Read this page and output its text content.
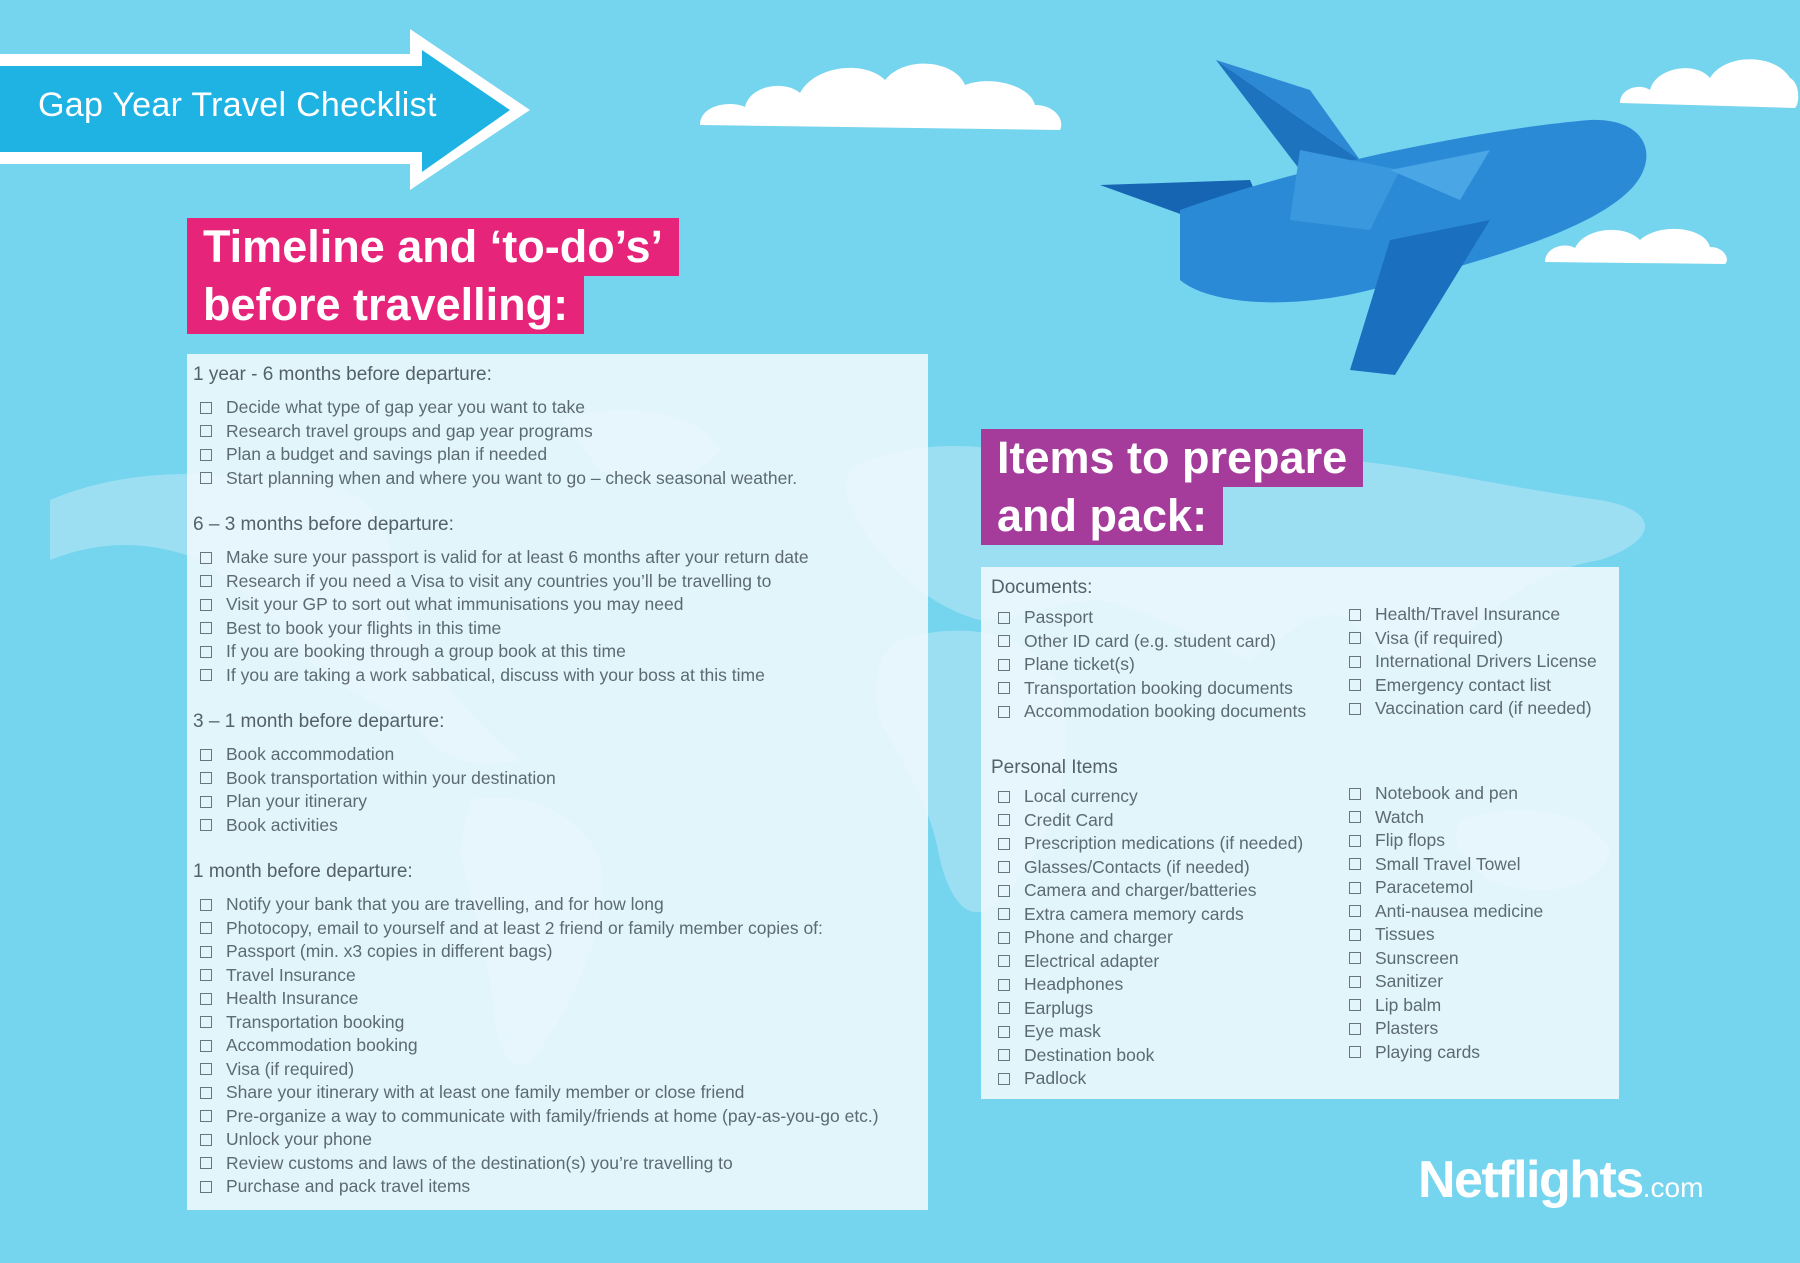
Gap Year Travel Checklist
Timeline and ‘to-do’s’
before travelling:
1 year - 6 months before departure:
Decide what type of gap year you want to take
Research travel groups and gap year programs
Plan a budget and savings plan if needed
Start planning when and where you want to go – check seasonal weather.
6 – 3 months before departure:
Make sure your passport is valid for at least 6 months after your return date
Research if you need a Visa to visit any countries you’ll be travelling to
Visit your GP to sort out what immunisations you may need
Best to book your flights in this time
If you are booking through a group book at this time
If you are taking a work sabbatical, discuss with your boss at this time
3 – 1 month before departure:
Book accommodation
Book transportation within your destination
Plan your itinerary
Book activities
1 month before departure:
Notify your bank that you are travelling, and for how long
Photocopy, email to yourself and at least 2 friend or family member copies of:
Passport (min. x3 copies in different bags)
Travel Insurance
Health Insurance
Transportation booking
Accommodation booking
Visa (if required)
Share your itinerary with at least one family member or close friend
Pre-organize a way to communicate with family/friends at home (pay-as-you-go etc.)
Unlock your phone
Review customs and laws of the destination(s) you’re travelling to
Purchase and pack travel items
Items to prepare
and pack:
Documents:
Passport
Other ID card (e.g. student card)
Plane ticket(s)
Transportation booking documents
Accommodation booking documents
Health/Travel Insurance
Visa (if required)
International Drivers License
Emergency contact list
Vaccination card (if needed)
Personal Items
Local currency
Credit Card
Prescription medications (if needed)
Glasses/Contacts (if needed)
Camera and charger/batteries
Extra camera memory cards
Phone and charger
Electrical adapter
Headphones
Earplugs
Eye mask
Destination book
Padlock
Notebook and pen
Watch
Flip flops
Small Travel Towel
Paracetemol
Anti-nausea medicine
Tissues
Sunscreen
Sanitizer
Lip balm
Plasters
Playing cards
Netflights.com
